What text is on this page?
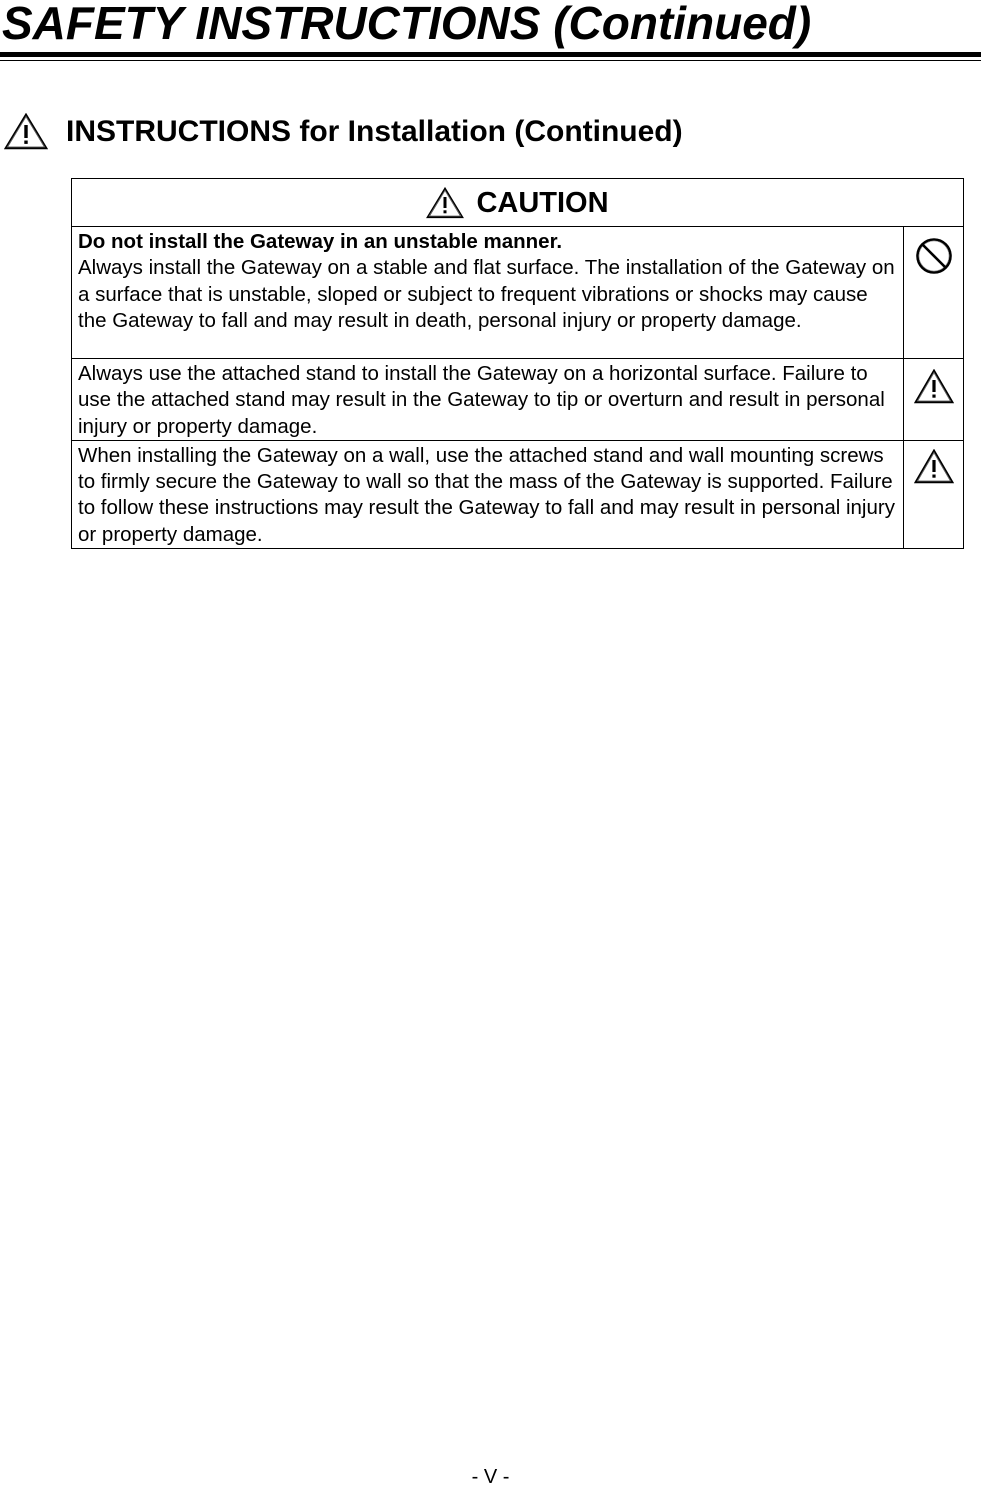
SAFETY INSTRUCTIONS (Continued)
INSTRUCTIONS for Installation (Continued)
CAUTION	

Do not install the Gateway in an unstable manner.
Always install the Gateway on a stable and flat surface. The installation of the Gateway on a surface that is unstable, sloped or subject to frequent vibrations or shocks may cause the Gateway to fall and may result in death, personal injury or property damage.

Always use the attached stand to install the Gateway on a horizontal surface. Failure to use the attached stand may result in the Gateway to tip or overturn and result in personal injury or property damage.

When installing the Gateway on a wall, use the attached stand and wall mounting screws to firmly secure the Gateway to wall so that the mass of the Gateway is supported. Failure to follow these instructions may result the Gateway to fall and may result in personal injury or property damage.

- V -
